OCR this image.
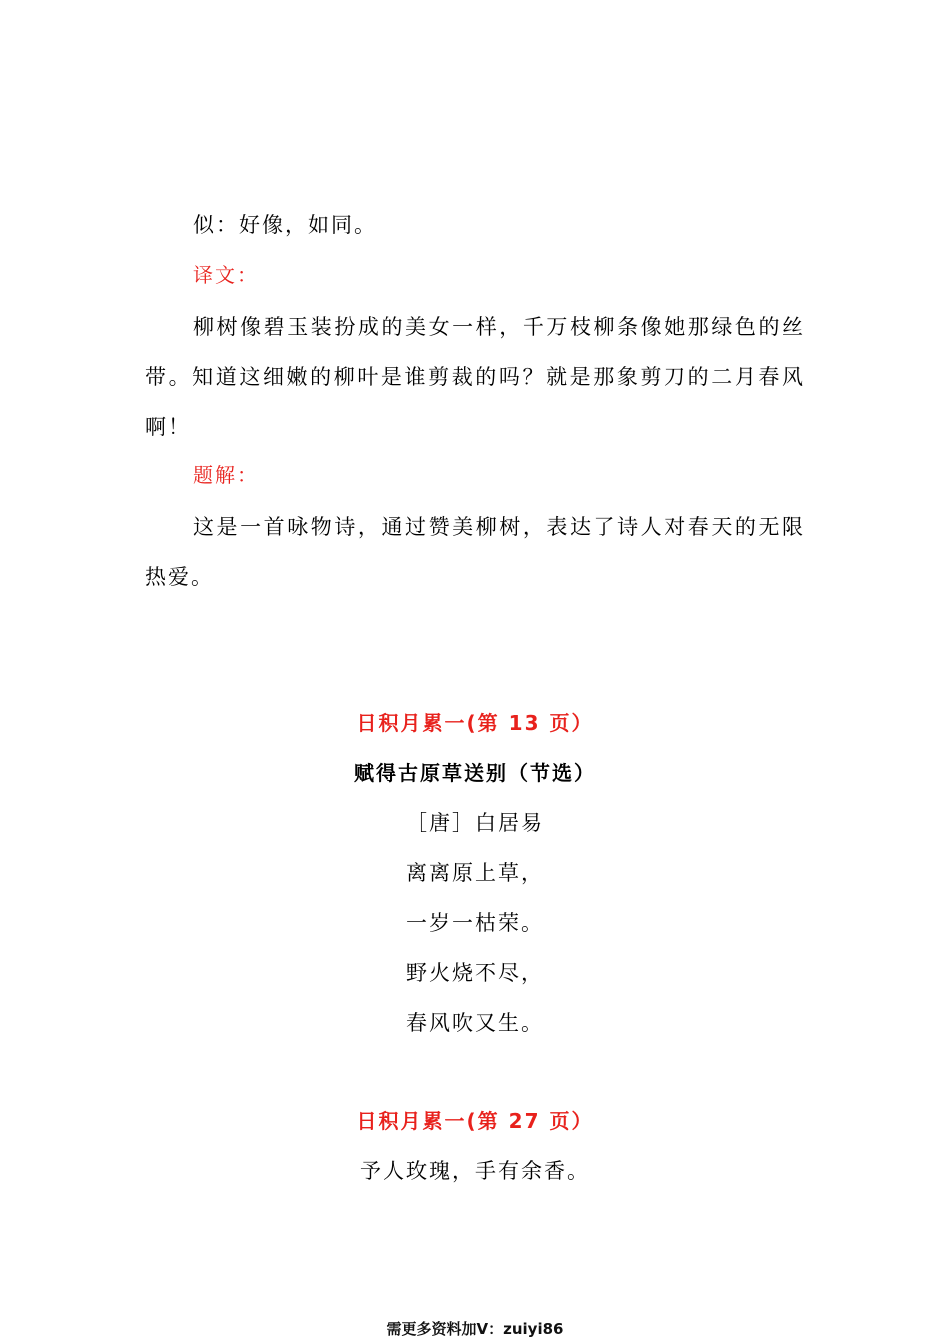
似：好像，如同。

译文：

柳树像碧玉装扮成的美女一样，千万枝柳条像她那绿色的丝带。知道这细嫩的柳叶是谁剪裁的吗？就是那象剪刀的二月春风啊！

题解：

这是一首咏物诗，通过赞美柳树，表达了诗人对春天的无限热爱。

日积月累一(第 13 页）

赋得古原草送别（节选）

［唐］白居易

离离原上草，

一岁一枯荣。

野火烧不尽，

春风吹又生。

日积月累一(第 27 页）

予人玫瑰，手有余香。

需更多资料加V：zuiyi86
